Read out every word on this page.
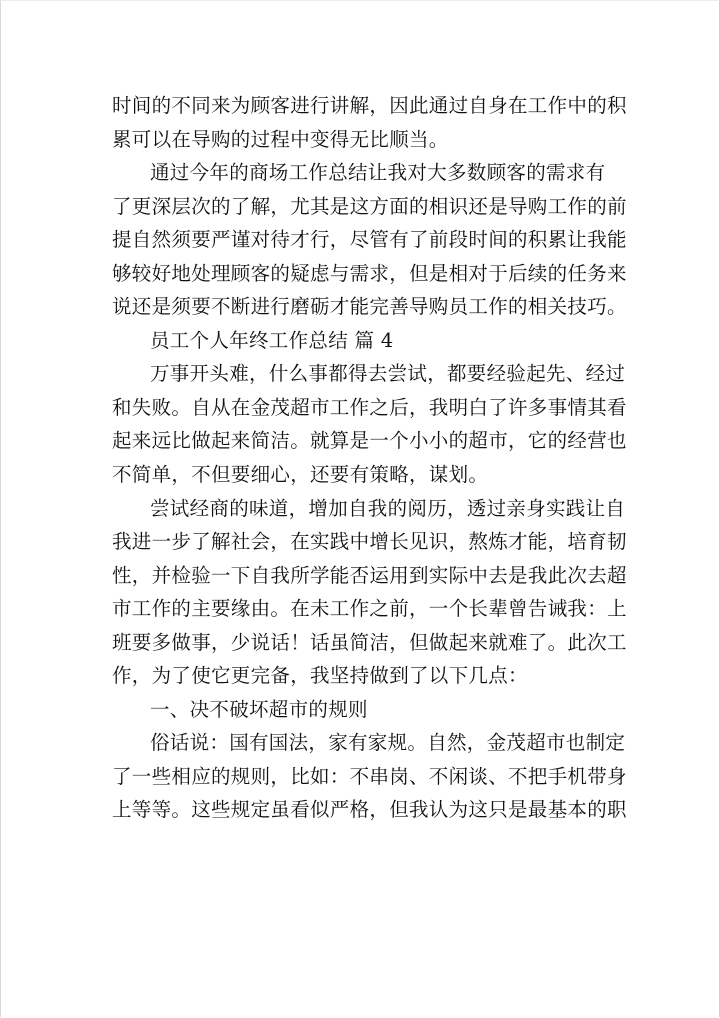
时间的不同来为顾客进行讲解，因此通过自身在工作中的积
累可以在导购的过程中变得无比顺当。
通过今年的商场工作总结让我对大多数顾客的需求有
了更深层次的了解，尤其是这方面的相识还是导购工作的前
提自然须要严谨对待才行，尽管有了前段时间的积累让我能
够较好地处理顾客的疑虑与需求，但是相对于后续的任务来
说还是须要不断进行磨砺才能完善导购员工作的相关技巧。
员工个人年终工作总结 篇 4
万事开头难，什么事都得去尝试，都要经验起先、经过
和失败。自从在金茂超市工作之后，我明白了许多事情其看
起来远比做起来简洁。就算是一个小小的超市，它的经营也
不简单，不但要细心，还要有策略，谋划。
尝试经商的味道，增加自我的阅历，透过亲身实践让自
我进一步了解社会，在实践中增长见识，熬炼才能，培育韧
性，并检验一下自我所学能否运用到实际中去是我此次去超
市工作的主要缘由。在未工作之前，一个长辈曾告诫我：上
班要多做事，少说话！话虽简洁，但做起来就难了。此次工
作，为了使它更完备，我坚持做到了以下几点：
一、决不破坏超市的规则
俗话说：国有国法，家有家规。自然，金茂超市也制定
了一些相应的规则，比如：不串岗、不闲谈、不把手机带身
上等等。这些规定虽看似严格，但我认为这只是最基本的职
